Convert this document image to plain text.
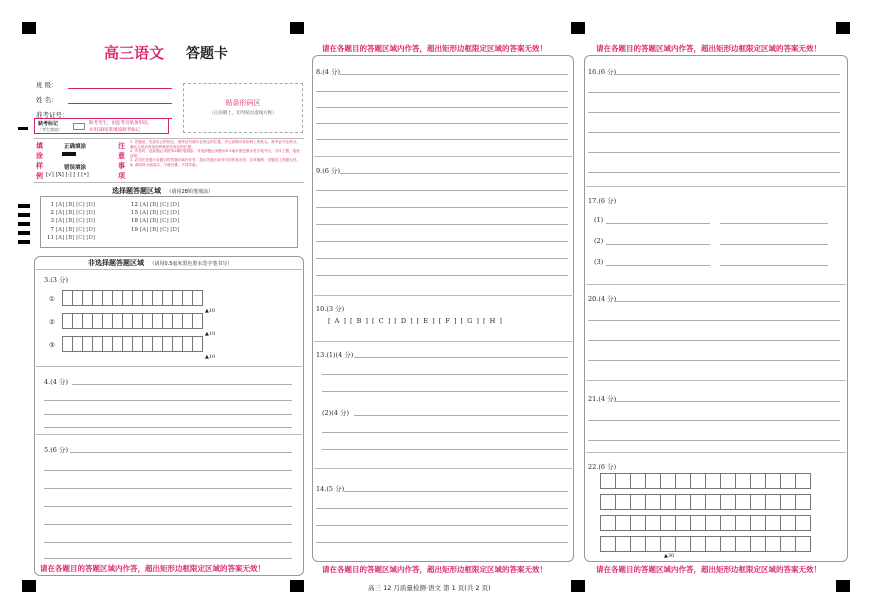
高三语文 答题卡
班 级：
姓 名：
准考证号：
贴条形码区
（正面朝上，切勿贴出虚线方框）
缺考标记
（考生禁填）
缺考考生，由监考员贴条形码，
并用2B铅笔填涂缺考标记
填
涂
样
例
正确填涂
错误填涂
[√] [X] [-] [ ] [•]
注
意
事
项
1. 答题前，先将自己的姓名、准考证号填写在规定的位置，并认真核对条形码上的姓名、准考证号及科目，确认无误后将条形码粘贴在规定的位置。
2. 作答时，选择题必须使用2B铅笔填涂；非选择题必须使用0.5毫米黑色墨水签字笔书写，字体工整，笔迹清楚。
3. 必须在答题卡各题目的答题区域内作答，超出答题区域书写的答案无效；在草稿纸、试题卷上答题无效。
4. 请保持卡面清洁，不准折叠，不得弄破。
选择题答题区域 （请用2B铅笔填涂）
1 [A] [B] [C] [D]
2 [A] [B] [C] [D]
3 [A] [B] [C] [D]
7 [A] [B] [C] [D]
11 [A] [B] [C] [D]
12 [A] [B] [C] [D]
15 [A] [B] [C] [D]
18 [A] [B] [C] [D]
19 [A] [B] [C] [D]
非选择题答题区域 （请用0.5毫米黑色墨水签字笔书写）
3.(3 分)
①
▲10
②
▲10
③
▲10
4.(4 分)
5.(6 分)
请在各题目的答题区域内作答，超出矩形边框限定区域的答案无效！
请在各题目的答题区域内作答，超出矩形边框限定区域的答案无效！
8.(4 分)
9.(6 分)
10.(3 分)
[ A ] [ B ] [ C ] [ D ] [ E ] [ F ] [ G ] [ H ]
13.(1)(4 分)
(2)(4 分)
14.(5 分)
请在各题目的答题区域内作答，超出矩形边框限定区域的答案无效！
请在各题目的答题区域内作答，超出矩形边框限定区域的答案无效！
16.(6 分)
17.(6 分)
(1)
(2)
(3)
20.(4 分)
21.(4 分)
22.(6 分)
▲30
请在各题目的答题区域内作答，超出矩形边框限定区域的答案无效！
高三 12 月质量检测·语文 第 1 页(共 2 页)
